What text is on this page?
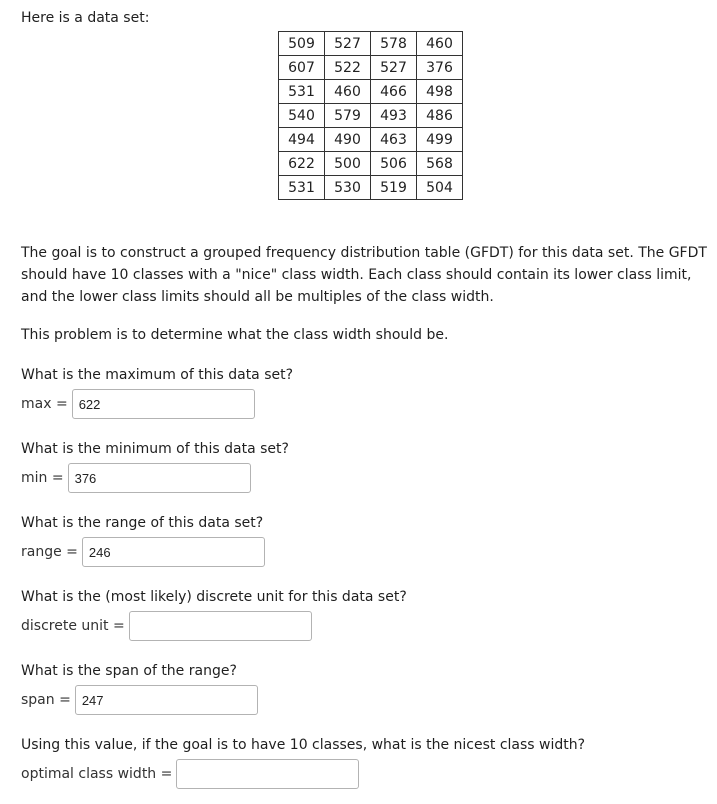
Here is a data set:
509	527	578	460
607	522	527	376
531	460	466	498
540	579	493	486
494	490	463	499
622	500	506	568
531	530	519	504
The goal is to construct a grouped frequency distribution table (GFDT) for this data set. The GFDT should have 10 classes with a "nice" class width. Each class should contain its lower class limit, and the lower class limits should all be multiples of the class width.
This problem is to determine what the class width should be.
What is the maximum of this data set?
max =
622
What is the minimum of this data set?
min =
376
What is the range of this data set?
range =
246
What is the (most likely) discrete unit for this data set?
discrete unit =
What is the span of the range?
span =
247
Using this value, if the goal is to have 10 classes, what is the nicest class width?
optimal class width =
